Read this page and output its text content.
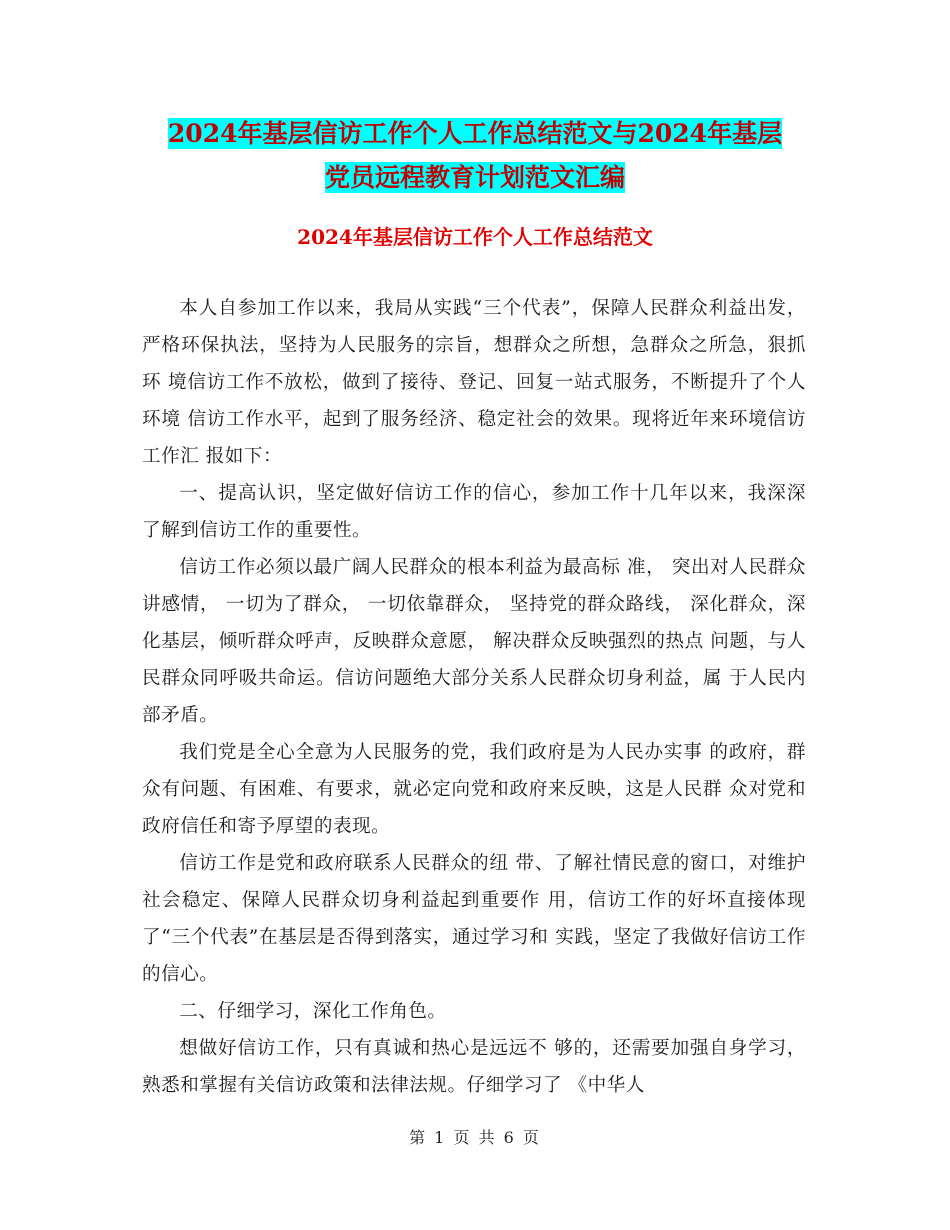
2024年基层信访工作个人工作总结范文与2024年基层
党员远程教育计划范文汇编
2024年基层信访工作个人工作总结范文

本人自参加工作以来，我局从实践“三个代表”，保障人民群众利益出发， 严格环保执法，坚持为人民服务的宗旨，想群众之所想，急群众之所急，狠抓环 境信访工作不放松，做到了接待、登记、回复一站式服务，不断提升了个人环境 信访工作水平，起到了服务经济、稳定社会的效果。现将近年来环境信访工作汇 报如下：

一、提高认识，坚定做好信访工作的信心，参加工作十几年以来，我深深了解到信访工作的重要性。

信访工作必须以最广阔人民群众的根本利益为最高标 准， 突出对人民群众讲感情， 一切为了群众， 一切依靠群众， 坚持党的群众路线， 深化群众，深化基层，倾听群众呼声，反映群众意愿， 解决群众反映强烈的热点 问题，与人民群众同呼吸共命运。信访问题绝大部分关系人民群众切身利益，属 于人民内部矛盾。

我们党是全心全意为人民服务的党，我们政府是为人民办实事 的政府，群众有问题、有困难、有要求，就必定向党和政府来反映，这是人民群 众对党和政府信任和寄予厚望的表现。

信访工作是党和政府联系人民群众的纽 带、了解社情民意的窗口，对维护社会稳定、保障人民群众切身利益起到重要作 用，信访工作的好坏直接体现了“三个代表”在基层是否得到落实，通过学习和 实践，坚定了我做好信访工作的信心。

二、仔细学习，深化工作角色。

想做好信访工作，只有真诚和热心是远远不 够的，还需要加强自身学习，熟悉和掌握有关信访政策和法律法规。仔细学习了 《中华人

第 1 页 共 6 页
